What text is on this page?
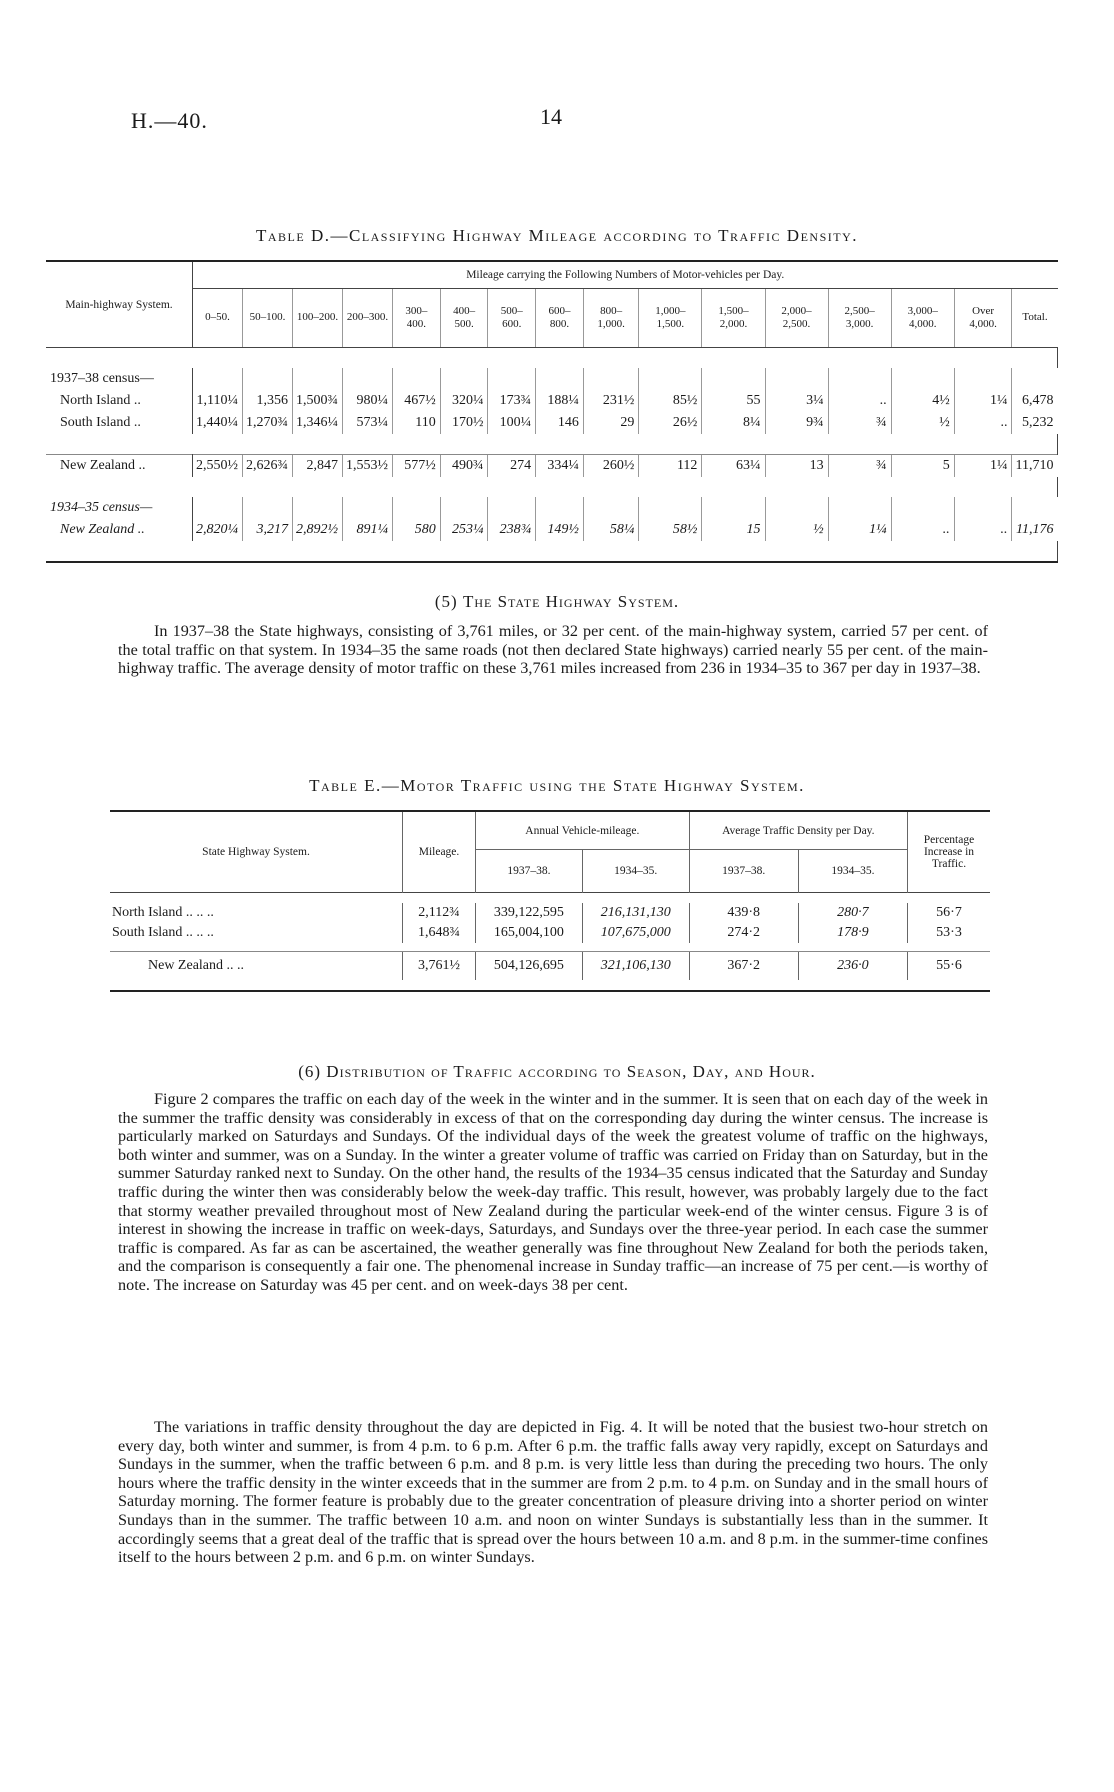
H.—40.	14
Table D.—Classifying Highway Mileage according to Traffic Density.
Main-highway System.	Mileage carrying the Following Numbers of Motor-vehicles per Day.															
	0–50.	50–100.	100–200.	200–300.	300–400.	400–500.	500–600.	600–800.	800–1,000.	1,000–1,500.	1,500–2,000.	2,000–2,500.	2,500–3,000.	3,000–4,000.	Over 4,000.	Total.

1937–38 census—																
North Island ..	1,110¼	1,356	1,500¾	980¼	467½	320¼	173¾	188¼	231½	85½	55	3¼	..	4½	1¼	6,478
South Island ..	1,440¼	1,270¾	1,346¼	573¼	110	170½	100¼	146	29	26½	8¼	9¾	¾	½	..	5,232

New Zealand ..	2,550½	2,626¾	2,847	1,553½	577½	490¾	274	334¼	260½	112	63¼	13	¾	5	1¼	11,710

1934–35 census—																
New Zealand ..	2,820¼	3,217	2,892½	891¼	580	253¼	238¾	149½	58¼	58½	15	½	1¼	..	..	11,176

(5) The State Highway System.
In 1937–38 the State highways, consisting of 3,761 miles, or 32 per cent. of the main-highway system, carried 57 per cent. of the total traffic on that system. In 1934–35 the same roads (not then declared State highways) carried nearly 55 per cent. of the main-highway traffic. The average density of motor traffic on these 3,761 miles increased from 236 in 1934–35 to 367 per day in 1937–38.
Table E.—Motor Traffic using the State Highway System.
State Highway System.	Mileage.	Annual Vehicle-mileage.		Average Traffic Density per Day.		Percentage Increase in Traffic.
		1937–38.	1934–35.	1937–38.	1934–35.	

North Island .. .. ..	2,112¾	339,122,595	216,131,130	439·8	280·7	56·7
South Island .. .. ..	1,648¾	165,004,100	107,675,000	274·2	178·9	53·3

New Zealand .. ..	3,761½	504,126,695	321,106,130	367·2	236·0	55·6

(6) Distribution of Traffic according to Season, Day, and Hour.
Figure 2 compares the traffic on each day of the week in the winter and in the summer. It is seen that on each day of the week in the summer the traffic density was considerably in excess of that on the corresponding day during the winter census. The increase is particularly marked on Saturdays and Sundays. Of the individual days of the week the greatest volume of traffic on the highways, both winter and summer, was on a Sunday. In the winter a greater volume of traffic was carried on Friday than on Saturday, but in the summer Saturday ranked next to Sunday. On the other hand, the results of the 1934–35 census indicated that the Saturday and Sunday traffic during the winter then was considerably below the week-day traffic. This result, however, was probably largely due to the fact that stormy weather prevailed throughout most of New Zealand during the particular week-end of the winter census. Figure 3 is of interest in showing the increase in traffic on week-days, Saturdays, and Sundays over the three-year period. In each case the summer traffic is compared. As far as can be ascertained, the weather generally was fine throughout New Zealand for both the periods taken, and the comparison is consequently a fair one. The phenomenal increase in Sunday traffic—an increase of 75 per cent.—is worthy of note. The increase on Saturday was 45 per cent. and on week-days 38 per cent.
The variations in traffic density throughout the day are depicted in Fig. 4. It will be noted that the busiest two-hour stretch on every day, both winter and summer, is from 4 p.m. to 6 p.m. After 6 p.m. the traffic falls away very rapidly, except on Saturdays and Sundays in the summer, when the traffic between 6 p.m. and 8 p.m. is very little less than during the preceding two hours. The only hours where the traffic density in the winter exceeds that in the summer are from 2 p.m. to 4 p.m. on Sunday and in the small hours of Saturday morning. The former feature is probably due to the greater concentration of pleasure driving into a shorter period on winter Sundays than in the summer. The traffic between 10 a.m. and noon on winter Sundays is substantially less than in the summer. It accordingly seems that a great deal of the traffic that is spread over the hours between 10 a.m. and 8 p.m. in the summer-time confines itself to the hours between 2 p.m. and 6 p.m. on winter Sundays.
